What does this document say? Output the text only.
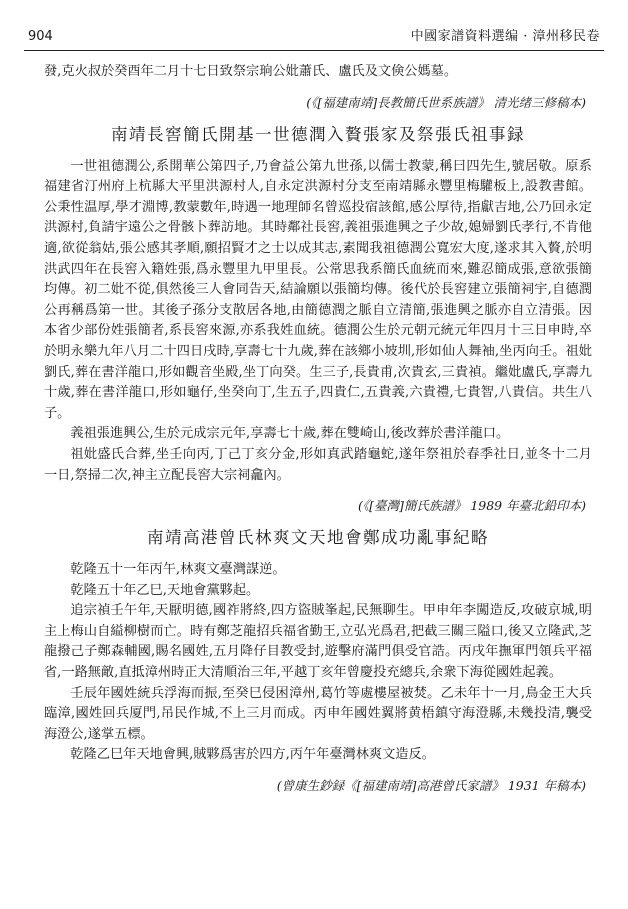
904	中國家譜資料選编 · 漳州移民卷

發,克火叔於癸酉年二月十七日致祭宗珦公妣蕭氏、盧氏及文倹公媽墓。

(《[福建南靖]長教簡氏世系族譜》 清光绪三修稿本)
南靖長窖簡氏開基一世德潤入贅張家及祭張氏祖事録

一世祖德潤公,系開華公第四子,乃會益公第九世孫,以儒士教蒙,稱曰四先生,號居敬。原系福建省汀州府上杭縣大平里洪源村人,自永定洪源村分支至南靖縣永豐里梅驩板上,設教書館。公秉性温厚,學才淵博,教蒙數年,時遇一地理師名曾巡投宿該館,感公厚待,指獻吉地,公乃回永定洪源村,負請宇遠公之骨骸卜葬訪地。其時鄰社長窖,義祖張進興之子少故,媳婦劉氏孝行,不肯他適,欲從翁姑,張公感其孝順,願招賢才之士以成其志,素聞我祖德潤公寬宏大度,遂求其入贅,於明洪武四年在長窖入籍姓張,爲永豐里九甲里長。公常思我系簡氏血統而來,難忍簡成張,意欲張簡均傳。初二妣不從,俱然後三人會同告天,結論願以張簡均傳。後代於長窖建立張簡祠宇,自德潤公再稱爲第一世。其後子孫分支散居各地,由簡德潤之脈自立清簡,張進興之脈亦自立清張。因本省少部份姓張簡者,系長窖來源,亦系我姓血統。德潤公生於元朝元統元年四月十三日申時,卒於明永樂九年八月二十四日戌時,享壽七十九歲,葬在該鄉小坡圳,形如仙人舞袖,坐丙向壬。祖妣劉氏,葬在書洋龍口,形如觀音坐殿,坐丁向癸。生三子,長貴甫,次貴玄,三貴禎。繼妣盧氏,享壽九十歲,葬在書洋龍口,形如龜仔,坐癸向丁,生五子,四貴仁,五貴義,六貴禮,七貴智,八貴信。共生八子。

義祖張進興公,生於元成宗元年,享壽七十歲,葬在雙崎山,後改葬於書洋龍口。

祖妣盛氏合葬,坐壬向丙,丁己丁亥分金,形如真武踏龜蛇,遂年祭祖於春季社日,並冬十二月一日,祭掃二次,神主立配長窖大宗祠龕內。

(《[臺灣]簡氏族譜》 1989 年臺北鉛印本)
南靖高港曾氏林爽文天地會鄭成功亂事紀略

乾隆五十一年丙午,林爽文臺灣謀逆。

乾隆五十年乙巳,天地會黨夥起。

追宗禎壬午年,天厭明德,國祚將終,四方盜賊峯起,民無聊生。甲申年李闖造反,攻破京城,明主上梅山自縊柳樹而亡。時有鄭芝龍招兵福省勤王,立弘光爲君,把截三關三隘口,後又立隆武,芝龍撥己子鄭森輔國,賜名國姓,五月降仔目教受封,遊擊府滿門俱受官誥。丙戌年撫軍門領兵平福省,一路無敵,直抵漳州時正大清順治三年,平越丁亥年曾慶投充總兵,余衆下海從國姓起義。

壬辰年國姓統兵浮海而振,至癸巳侵困漳州,葛竹等處樓屋被焚。乙未年十一月,鳥金王大兵臨漳,國姓回兵厦門,吊民作城,不上三月而成。丙申年國姓翼將黄梧鎮守海澄縣,未幾投清,襲受海澄公,遂掌五標。

乾隆乙巳年天地會興,賊夥爲害於四方,丙午年臺灣林爽文造反。

(曾康生鈔録《[福建南靖]高港曾氏家譜》 1931 年稿本)
